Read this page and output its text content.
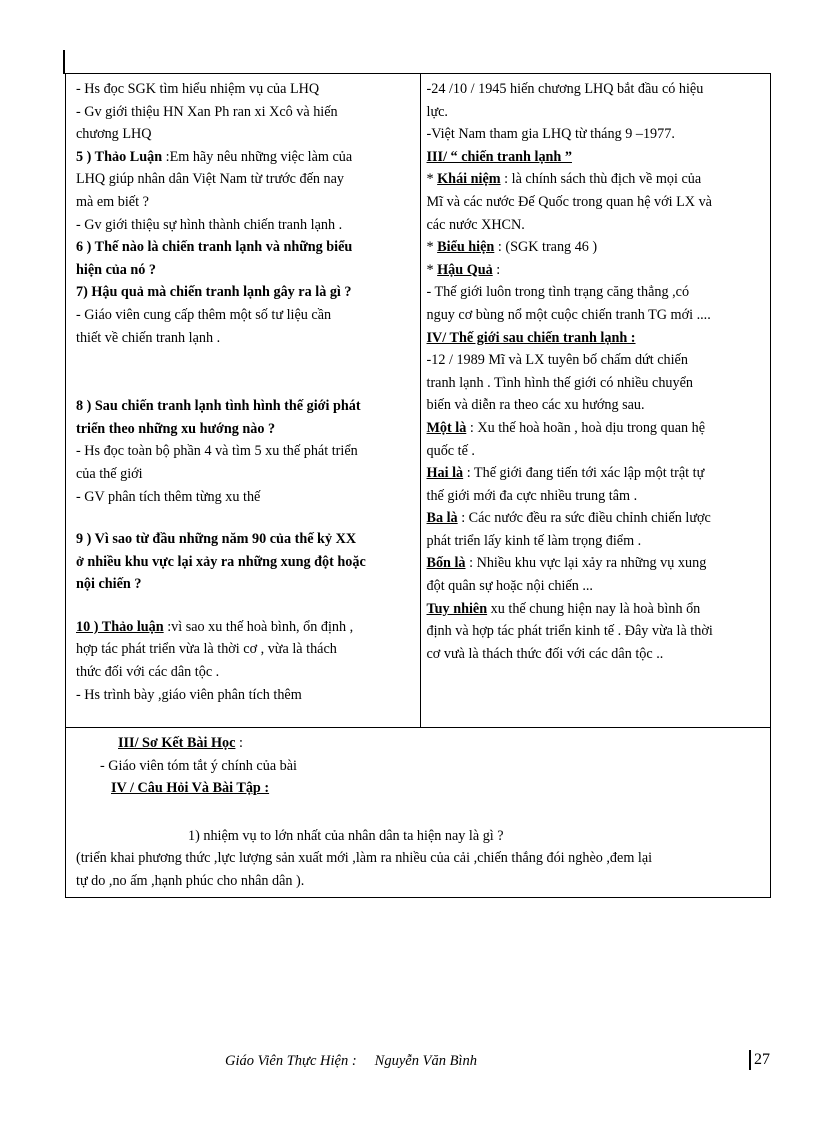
- Hs đọc SGK tìm hiểu nhiệm vụ của LHQ
- Gv giới thiệu HN Xan Ph ran xi Xcô và hiến
chương LHQ
5 ) Thảo Luận :Em hãy nêu những việc làm của
LHQ giúp nhân dân Việt Nam từ trước đến nay
mà em biết ?
- Gv giới thiệu sự hình thành chiến tranh lạnh .
6 ) Thế nào là chiến tranh lạnh và những biểu
hiện của nó ?
7) Hậu quả mà chiến tranh lạnh gây ra là gì ?
- Giáo viên cung cấp thêm một số tư liệu cần
thiết về chiến tranh lạnh .
8 ) Sau chiến tranh lạnh tình hình thế giới phát
triển theo những xu hướng nào ?
- Hs đọc toàn bộ phần 4 và tìm 5 xu thế phát triển
của thế giới
- GV phân tích thêm từng xu thế
9 ) Vì sao từ đầu những năm 90 của thế kỷ XX
ở nhiều khu vực lại xảy ra những xung đột hoặc
nội chiến ?
10 ) Thảo luận :vì sao xu thế hoà bình, ổn định ,
hợp tác phát triển vừa là thời cơ , vừa là thách
thức đối với các dân tộc .
- Hs trình bày ,giáo viên phân tích thêm

-24 /10 / 1945 hiến chương LHQ bắt đầu có hiệu
lực.
-Việt Nam tham gia LHQ từ tháng 9 –1977.
III/ “ chiến tranh lạnh ”
* Khái niệm : là chính sách thù địch về mọi của
Mĩ và các nước Đế Quốc trong quan hệ với LX và
các nước XHCN.
* Biểu hiện : (SGK trang 46 )
* Hậu Quả :
- Thế giới luôn trong tình trạng căng thẳng ,có
nguy cơ bùng nổ một cuộc chiến tranh TG mới ....
IV/ Thế giới sau chiến tranh lạnh :
-12 / 1989 Mĩ và LX tuyên bố chấm dứt chiến
tranh lạnh . Tình hình thế giới có nhiều chuyển
biến và diễn ra theo các xu hướng sau.
Một là : Xu thế hoà hoãn , hoà dịu trong quan hệ
quốc tế .
Hai là : Thế giới đang tiến tới xác lập một trật tự
thế giới mới đa cực nhiều trung tâm .
Ba là : Các nước đều ra sức điều chỉnh chiến lược
phát triển lấy kinh tế làm trọng điểm .
Bốn là : Nhiều khu vực lại xảy ra những vụ xung
đột quân sự hoặc nội chiến ...
Tuy nhiên xu thế chung hiện nay là hoà bình ổn
định và hợp tác phát triển kinh tế . Đây vừa là thời
cơ vưà là thách thức đối với các dân tộc ..

III/ Sơ Kết Bài Học :
- Giáo viên tóm tắt ý chính của bài
IV / Câu Hỏi Và Bài Tập :
1) nhiệm vụ to lớn nhất của nhân dân ta hiện nay là gì ?
(triển khai phương thức ,lực lượng sản xuất mới ,làm ra nhiều của cải ,chiến thắng đói nghèo ,đem lại
tự do ,no ấm ,hạnh phúc cho nhân dân ).
Giáo Viên Thực Hiện : Nguyễn Văn Bình	27
